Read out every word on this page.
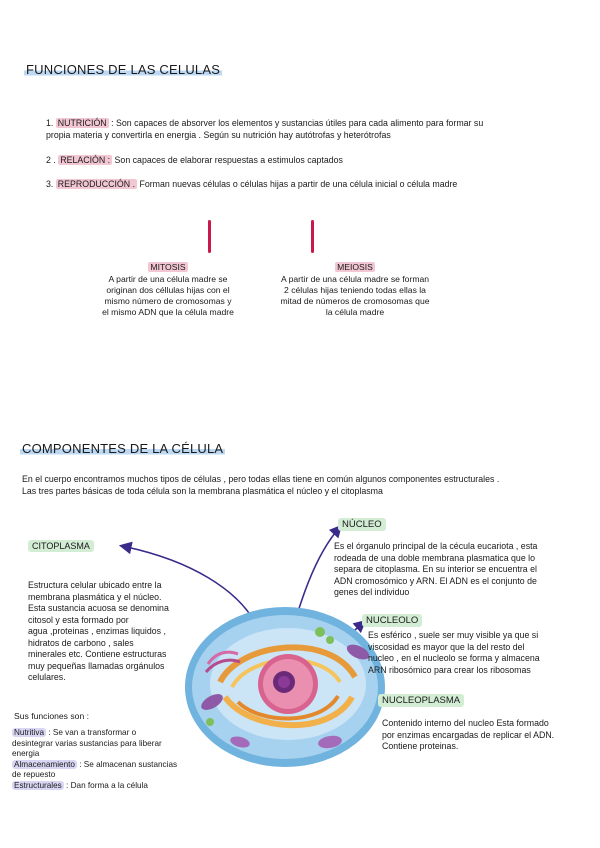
FUNCIONES DE LAS CELULAS
1. NUTRICIÓN : Son capaces de absorver los elementos y sustancias útiles para cada alimento para formar su
propia materia y convertirla en energia . Según su nutrición hay autótrofas y heterótrofas
2 . RELACIÓN : Son capaces de elaborar respuestas a estimulos captados
3. REPRODUCCIÓN . Forman nuevas células o células hijas a partir de una célula inicial o célula madre
MITOSIS
A partir de una célula madre se
originan dos céllulas hijas con el
mismo número de cromosomas y
el mismo ADN que la célula madre
MEIOSIS
A partir de una célula madre se forman
2 células hijas teniendo todas ellas la
mitad de números de cromosomas que
la célula madre
COMPONENTES DE LA CÉLULA
En el cuerpo encontramos muchos tipos de células , pero todas ellas tiene en común algunos componentes estructurales .
Las tres partes básicas de toda célula son la membrana plasmática el núcleo y el citoplasma
CITOPLASMA
Estructura celular ubicado entre la
membrana plasmática y el núcleo.
Esta sustancia acuosa se denomina
citosol y esta formado por
agua ,proteinas , enzimas liquidos ,
hidratos de carbono , sales
minerales etc. Contiene estructuras
muy pequeñas llamadas orgánulos
celulares.
Sus funciones son :
Nutritiva : Se van a transformar o
desintegrar varias sustancias para liberar
energia
Almacenamiento : Se almacenan sustancias
de repuesto
Estructurales : Dan forma a la célula
NÚCLEO
Es el órganulo principal de la cécula eucariota , esta
rodeada de una doble membrana plasmatica que lo
separa de citoplasma. En su interior se encuentra el
ADN cromosómico y ARN. El ADN es el conjunto de
genes del individuo
NUCLEOLO
Es esférico , suele ser muy visible ya que si
viscosidad es mayor que la del resto del
nucleo , en el nucleolo se forma y almacena
ARN ribosómico para crear los ribosomas
NUCLEOPLASMA
Contenido interno del nucleo Esta formado
por enzimas encargadas de replicar el ADN.
Contiene proteinas.
